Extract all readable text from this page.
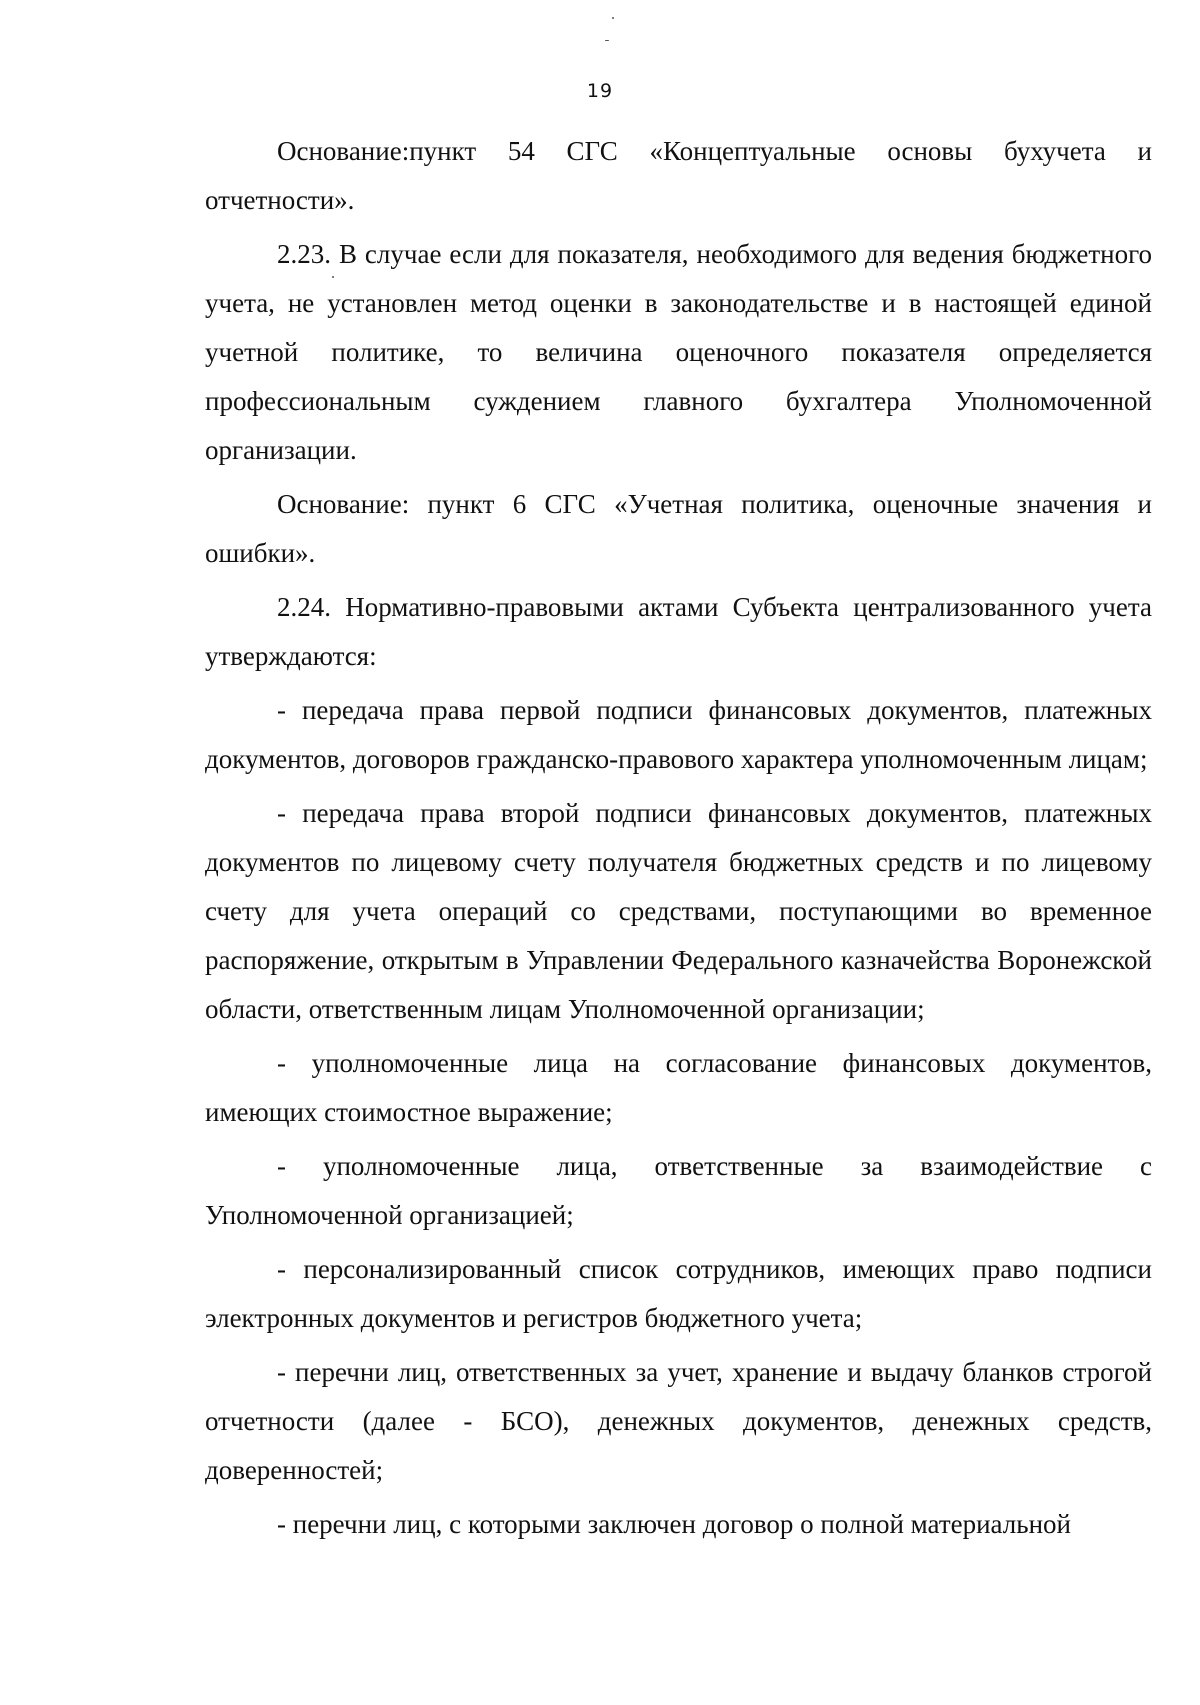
19

Основание:пункт 54 СГС «Концептуальные основы бухучета и отчетности».

2.23. В случае если для показателя, необходимого для ведения бюджетного учета, не установлен метод оценки в законодательстве и в настоящей единой учетной политике, то величина оценочного показателя определяется профессиональным суждением главного бухгалтера Уполномоченной организации.

Основание: пункт 6 СГС «Учетная политика, оценочные значения и ошибки».

2.24. Нормативно-правовыми актами Субъекта централизованного учета утверждаются:

- передача права первой подписи финансовых документов, платежных документов, договоров гражданско-правового характера уполномоченным лицам;

- передача права второй подписи финансовых документов, платежных документов по лицевому счету получателя бюджетных средств и по лицевому счету для учета операций со средствами, поступающими во временное распоряжение, открытым в Управлении Федерального казначейства Воронежской области, ответственным лицам Уполномоченной организации;

- уполномоченные лица на согласование финансовых документов, имеющих стоимостное выражение;

- уполномоченные лица, ответственные за взаимодействие с Уполномоченной организацией;

- персонализированный список сотрудников, имеющих право подписи электронных документов и регистров бюджетного учета;

- перечни лиц, ответственных за учет, хранение и выдачу бланков строгой отчетности (далее - БСО), денежных документов, денежных средств, доверенностей;

- перечни лиц, с которыми заключен договор о полной материальной
